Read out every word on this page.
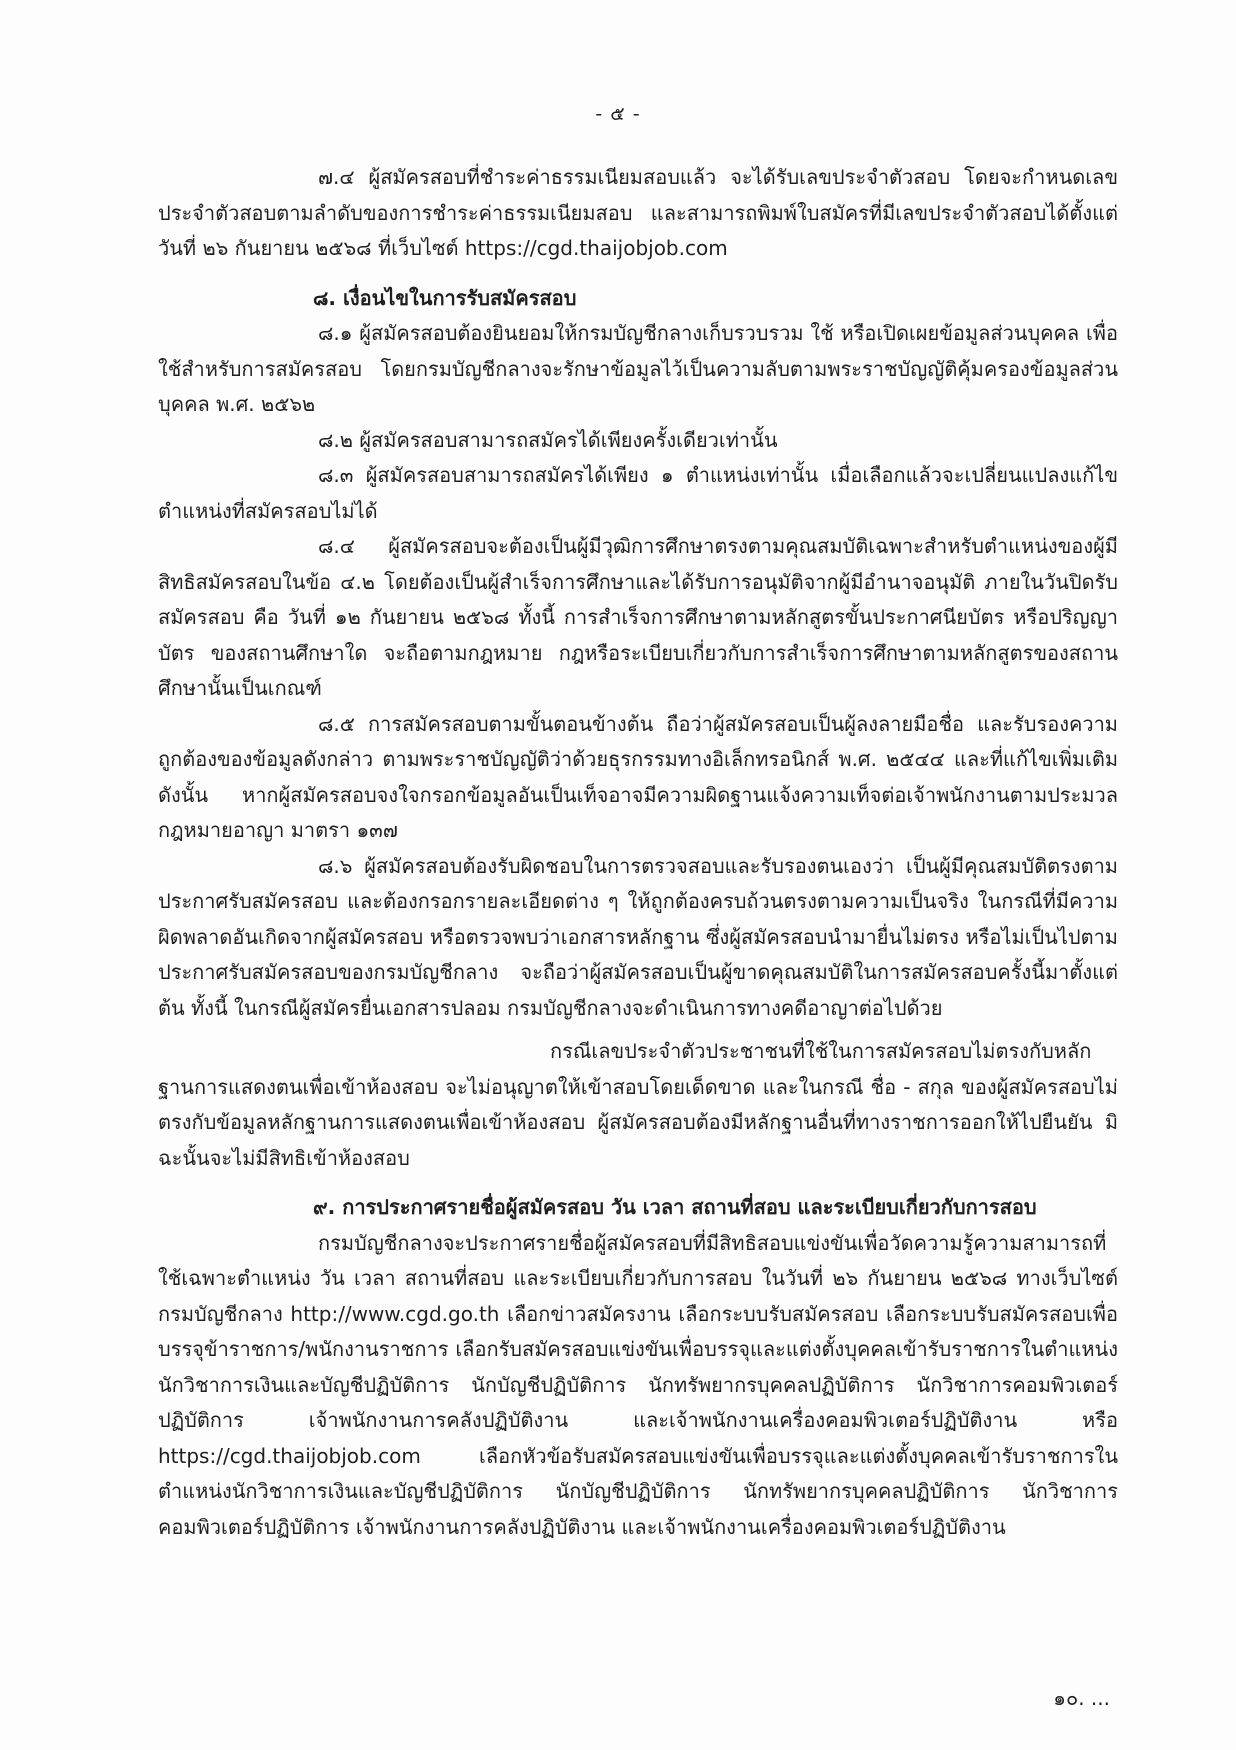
- ๕ -

๗.๔ ผู้สมัครสอบที่ชำระค่าธรรมเนียมสอบแล้ว จะได้รับเลขประจำตัวสอบ โดยจะกำหนดเลขประจำตัวสอบตามลำดับของการชำระค่าธรรมเนียมสอบ และสามารถพิมพ์ใบสมัครที่มีเลขประจำตัวสอบได้ตั้งแต่วันที่ ๒๖ กันยายน ๒๕๖๘ ที่เว็บไซต์ https://cgd.thaijobjob.com

๘. เงื่อนไขในการรับสมัครสอบ

๘.๑ ผู้สมัครสอบต้องยินยอมให้กรมบัญชีกลางเก็บรวบรวม ใช้ หรือเปิดเผยข้อมูลส่วนบุคคล เพื่อใช้สำหรับการสมัครสอบ โดยกรมบัญชีกลางจะรักษาข้อมูลไว้เป็นความลับตามพระราชบัญญัติคุ้มครองข้อมูลส่วนบุคคล พ.ศ. ๒๕๖๒

๘.๒ ผู้สมัครสอบสามารถสมัครได้เพียงครั้งเดียวเท่านั้น

๘.๓ ผู้สมัครสอบสามารถสมัครได้เพียง ๑ ตำแหน่งเท่านั้น เมื่อเลือกแล้วจะเปลี่ยนแปลงแก้ไขตำแหน่งที่สมัครสอบไม่ได้

๘.๔ ผู้สมัครสอบจะต้องเป็นผู้มีวุฒิการศึกษาตรงตามคุณสมบัติเฉพาะสำหรับตำแหน่งของผู้มีสิทธิสมัครสอบในข้อ ๔.๒ โดยต้องเป็นผู้สำเร็จการศึกษาและได้รับการอนุมัติจากผู้มีอำนาจอนุมัติ ภายในวันปิดรับสมัครสอบ คือ วันที่ ๑๒ กันยายน ๒๕๖๘ ทั้งนี้ การสำเร็จการศึกษาตามหลักสูตรขั้นประกาศนียบัตร หรือปริญญาบัตร ของสถานศึกษาใด จะถือตามกฎหมาย กฎหรือระเบียบเกี่ยวกับการสำเร็จการศึกษาตามหลักสูตรของสถานศึกษานั้นเป็นเกณฑ์

๘.๕ การสมัครสอบตามขั้นตอนข้างต้น ถือว่าผู้สมัครสอบเป็นผู้ลงลายมือชื่อ และรับรองความถูกต้องของข้อมูลดังกล่าว ตามพระราชบัญญัติว่าด้วยธุรกรรมทางอิเล็กทรอนิกส์ พ.ศ. ๒๕๔๔ และที่แก้ไขเพิ่มเติม ดังนั้น หากผู้สมัครสอบจงใจกรอกข้อมูลอันเป็นเท็จอาจมีความผิดฐานแจ้งความเท็จต่อเจ้าพนักงานตามประมวลกฎหมายอาญา มาตรา ๑๓๗

๘.๖ ผู้สมัครสอบต้องรับผิดชอบในการตรวจสอบและรับรองตนเองว่า เป็นผู้มีคุณสมบัติตรงตามประกาศรับสมัครสอบ และต้องกรอกรายละเอียดต่าง ๆ ให้ถูกต้องครบถ้วนตรงตามความเป็นจริง ในกรณีที่มีความผิดพลาดอันเกิดจากผู้สมัครสอบ หรือตรวจพบว่าเอกสารหลักฐาน ซึ่งผู้สมัครสอบนำมายื่นไม่ตรง หรือไม่เป็นไปตามประกาศรับสมัครสอบของกรมบัญชีกลาง จะถือว่าผู้สมัครสอบเป็นผู้ขาดคุณสมบัติในการสมัครสอบครั้งนี้มาตั้งแต่ต้น ทั้งนี้ ในกรณีผู้สมัครยื่นเอกสารปลอม กรมบัญชีกลางจะดำเนินการทางคดีอาญาต่อไปด้วย

กรณีเลขประจำตัวประชาชนที่ใช้ในการสมัครสอบไม่ตรงกับหลักฐานการแสดงตนเพื่อเข้าห้องสอบ จะไม่อนุญาตให้เข้าสอบโดยเด็ดขาด และในกรณี ชื่อ - สกุล ของผู้สมัครสอบไม่ตรงกับข้อมูลหลักฐานการแสดงตนเพื่อเข้าห้องสอบ ผู้สมัครสอบต้องมีหลักฐานอื่นที่ทางราชการออกให้ไปยืนยัน มิฉะนั้นจะไม่มีสิทธิเข้าห้องสอบ

๙. การประกาศรายชื่อผู้สมัครสอบ วัน เวลา สถานที่สอบ และระเบียบเกี่ยวกับการสอบ

กรมบัญชีกลางจะประกาศรายชื่อผู้สมัครสอบที่มีสิทธิสอบแข่งขันเพื่อวัดความรู้ความสามารถที่ใช้เฉพาะตำแหน่ง วัน เวลา สถานที่สอบ และระเบียบเกี่ยวกับการสอบ ในวันที่ ๒๖ กันยายน ๒๕๖๘ ทางเว็บไซต์กรมบัญชีกลาง http://www.cgd.go.th เลือกข่าวสมัครงาน เลือกระบบรับสมัครสอบ เลือกระบบรับสมัครสอบเพื่อบรรจุข้าราชการ/พนักงานราชการ เลือกรับสมัครสอบแข่งขันเพื่อบรรจุและแต่งตั้งบุคคลเข้ารับราชการในตำแหน่งนักวิชาการเงินและบัญชีปฏิบัติการ นักบัญชีปฏิบัติการ นักทรัพยากรบุคคลปฏิบัติการ นักวิชาการคอมพิวเตอร์ปฏิบัติการ เจ้าพนักงานการคลังปฏิบัติงาน และเจ้าพนักงานเครื่องคอมพิวเตอร์ปฏิบัติงาน หรือ https://cgd.thaijobjob.com เลือกหัวข้อรับสมัครสอบแข่งขันเพื่อบรรจุและแต่งตั้งบุคคลเข้ารับราชการในตำแหน่งนักวิชาการเงินและบัญชีปฏิบัติการ นักบัญชีปฏิบัติการ นักทรัพยากรบุคคลปฏิบัติการ นักวิชาการคอมพิวเตอร์ปฏิบัติการ เจ้าพนักงานการคลังปฏิบัติงาน และเจ้าพนักงานเครื่องคอมพิวเตอร์ปฏิบัติงาน

๑๐. ...
